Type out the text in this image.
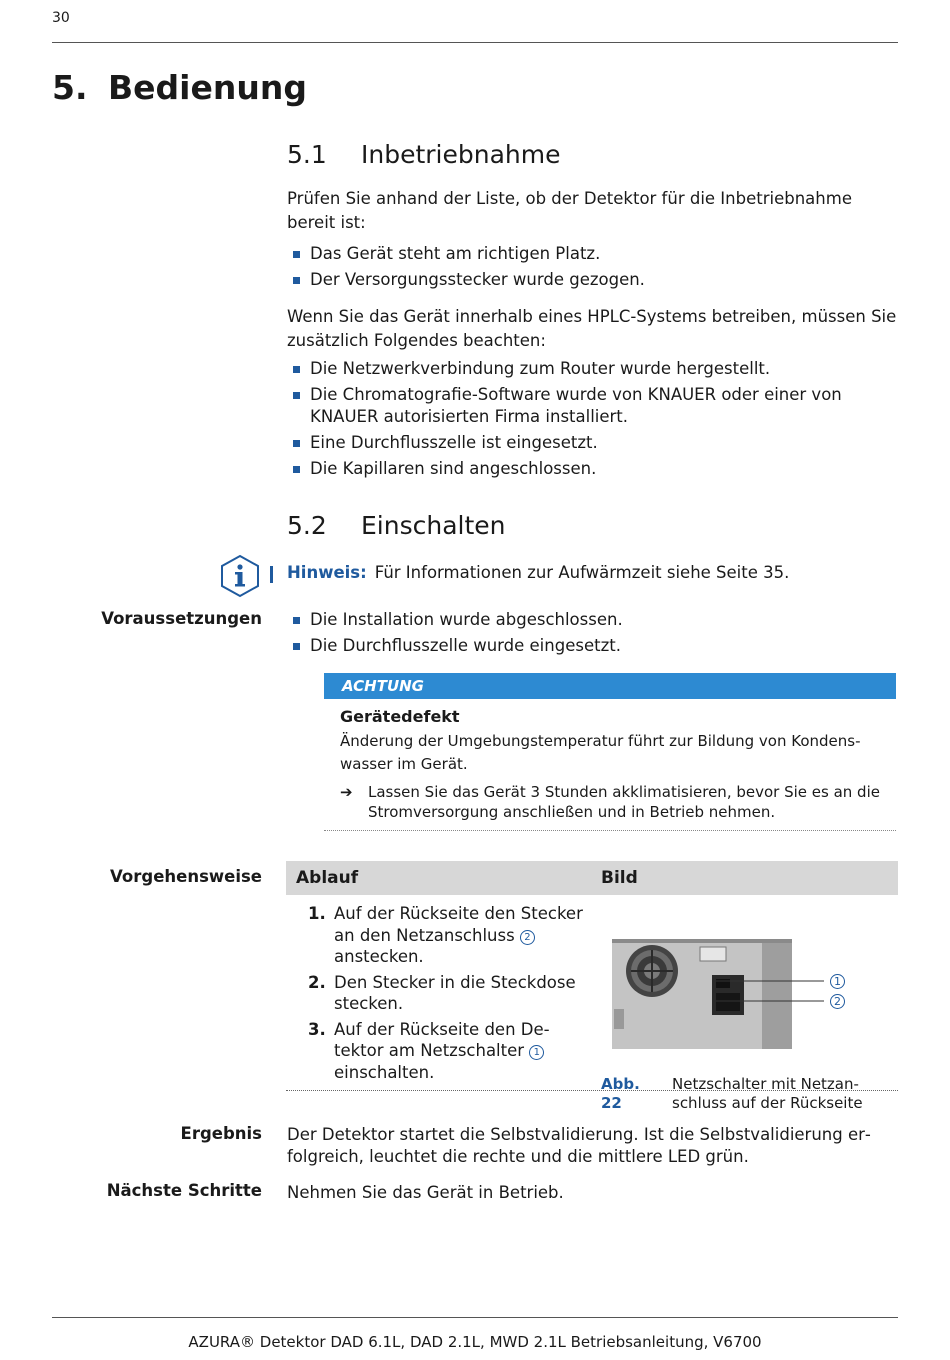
30
5. Bedienung
5.1 Inbetriebnahme
Prüfen Sie anhand der Liste, ob der Detektor für die Inbetriebnahme bereit ist:
Das Gerät steht am richtigen Platz.
Der Versorgungsstecker wurde gezogen.
Wenn Sie das Gerät innerhalb eines HPLC-Systems betreiben, müssen Sie zusätzlich Folgendes beachten:
Die Netzwerkverbindung zum Router wurde hergestellt.
Die Chromatografie-Software wurde von KNAUER oder einer von KNAUER autorisierten Firma installiert.
Eine Durchflusszelle ist eingesetzt.
Die Kapillaren sind angeschlossen.
5.2 Einschalten
Hinweis: Für Informationen zur Aufwärmzeit siehe Seite 35.
Voraussetzungen	Die Installation wurde abgeschlossen.
Die Durchflusszelle wurde eingesetzt.
ACHTUNG
Gerätedefekt
Änderung der Umgebungstemperatur führt zur Bildung von Kondenswasser im Gerät.
➔ Lassen Sie das Gerät 3 Stunden akklimatisieren, bevor Sie es an die Stromversorgung anschließen und in Betrieb nehmen.
Vorgehensweise Ablauf	Bild
1. Auf der Rückseite den Stecker an den Netzanschluss 2 anstecken.
2. Den Stecker in die Steckdose stecken.
3. Auf der Rückseite den Detektor am Netzschalter 1 einschalten.
1
2
Abb. 22
Netzschalter mit Netzanschluss auf der Rückseite
Ergebnis Der Detektor startet die Selbstvalidierung. Ist die Selbstvalidierung erfolgreich, leuchtet die rechte und die mittlere LED grün.
Nächste Schritte Nehmen Sie das Gerät in Betrieb.
AZURA® Detektor DAD 6.1L, DAD 2.1L, MWD 2.1L Betriebsanleitung, V6700
